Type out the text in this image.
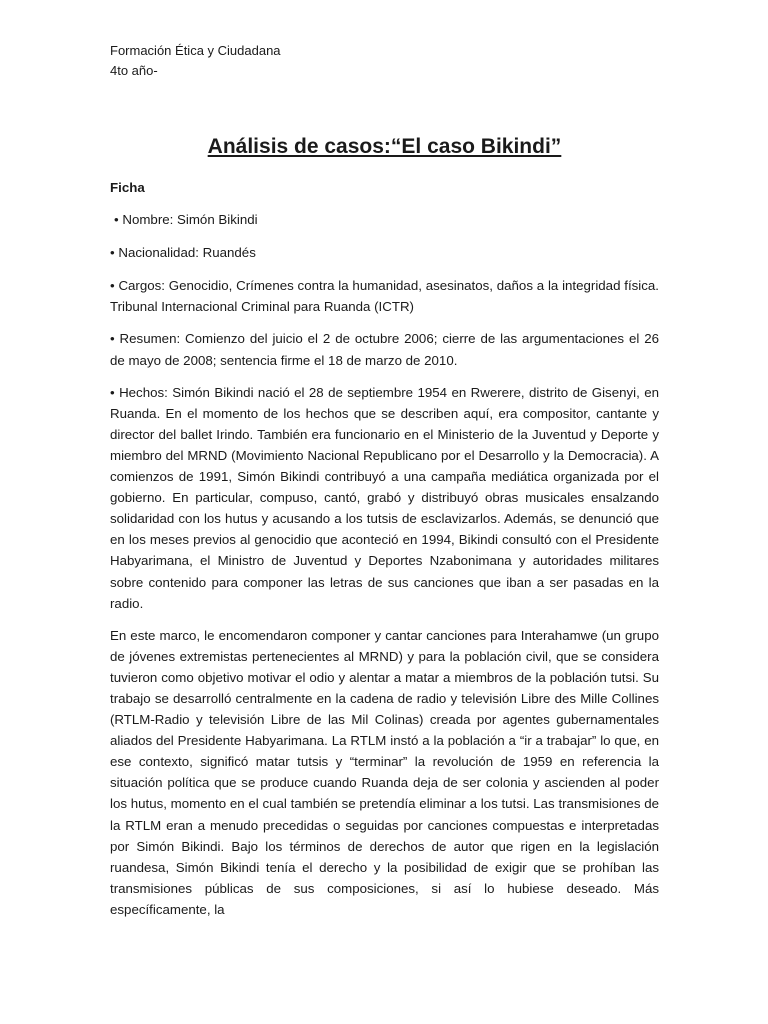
Formación Ética y Ciudadana

4to año-

Análisis de casos:“El caso Bikindi”

Ficha

• Nombre: Simón Bikindi

• Nacionalidad: Ruandés

• Cargos: Genocidio, Crímenes contra la humanidad, asesinatos, daños a la integridad física. Tribunal Internacional Criminal para Ruanda (ICTR)

• Resumen: Comienzo del juicio el 2 de octubre 2006; cierre de las argumentaciones el 26 de mayo de 2008; sentencia firme el 18 de marzo de 2010.

• Hechos: Simón Bikindi nació el 28 de septiembre 1954 en Rwerere, distrito de Gisenyi, en Ruanda. En el momento de los hechos que se describen aquí, era compositor, cantante y director del ballet Irindo. También era funcionario en el Ministerio de la Juventud y Deporte y miembro del MRND (Movimiento Nacional Republicano por el Desarrollo y la Democracia). A comienzos de 1991, Simón Bikindi contribuyó a una campaña mediática organizada por el gobierno. En particular, compuso, cantó, grabó y distribuyó obras musicales ensalzando solidaridad con los hutus y acusando a los tutsis de esclavizarlos. Además, se denunció que en los meses previos al genocidio que aconteció en 1994, Bikindi consultó con el Presidente Habyarimana, el Ministro de Juventud y Deportes Nzabonimana y autoridades militares sobre contenido para componer las letras de sus canciones que iban a ser pasadas en la radio.

En este marco, le encomendaron componer y cantar canciones para Interahamwe (un grupo de jóvenes extremistas pertenecientes al MRND) y para la población civil, que se considera tuvieron como objetivo motivar el odio y alentar a matar a miembros de la población tutsi. Su trabajo se desarrolló centralmente en la cadena de radio y televisión Libre des Mille Collines (RTLM-Radio y televisión Libre de las Mil Colinas) creada por agentes gubernamentales aliados del Presidente Habyarimana. La RTLM instó a la población a “ir a trabajar” lo que, en ese contexto, significó matar tutsis y “terminar” la revolución de 1959 en referencia la situación política que se produce cuando Ruanda deja de ser colonia y ascienden al poder los hutus, momento en el cual también se pretendía eliminar a los tutsi. Las transmisiones de la RTLM eran a menudo precedidas o seguidas por canciones compuestas e interpretadas por Simón Bikindi. Bajo los términos de derechos de autor que rigen en la legislación ruandesa, Simón Bikindi tenía el derecho y la posibilidad de exigir que se prohíban las transmisiones públicas de sus composiciones, si así lo hubiese deseado. Más específicamente, la
